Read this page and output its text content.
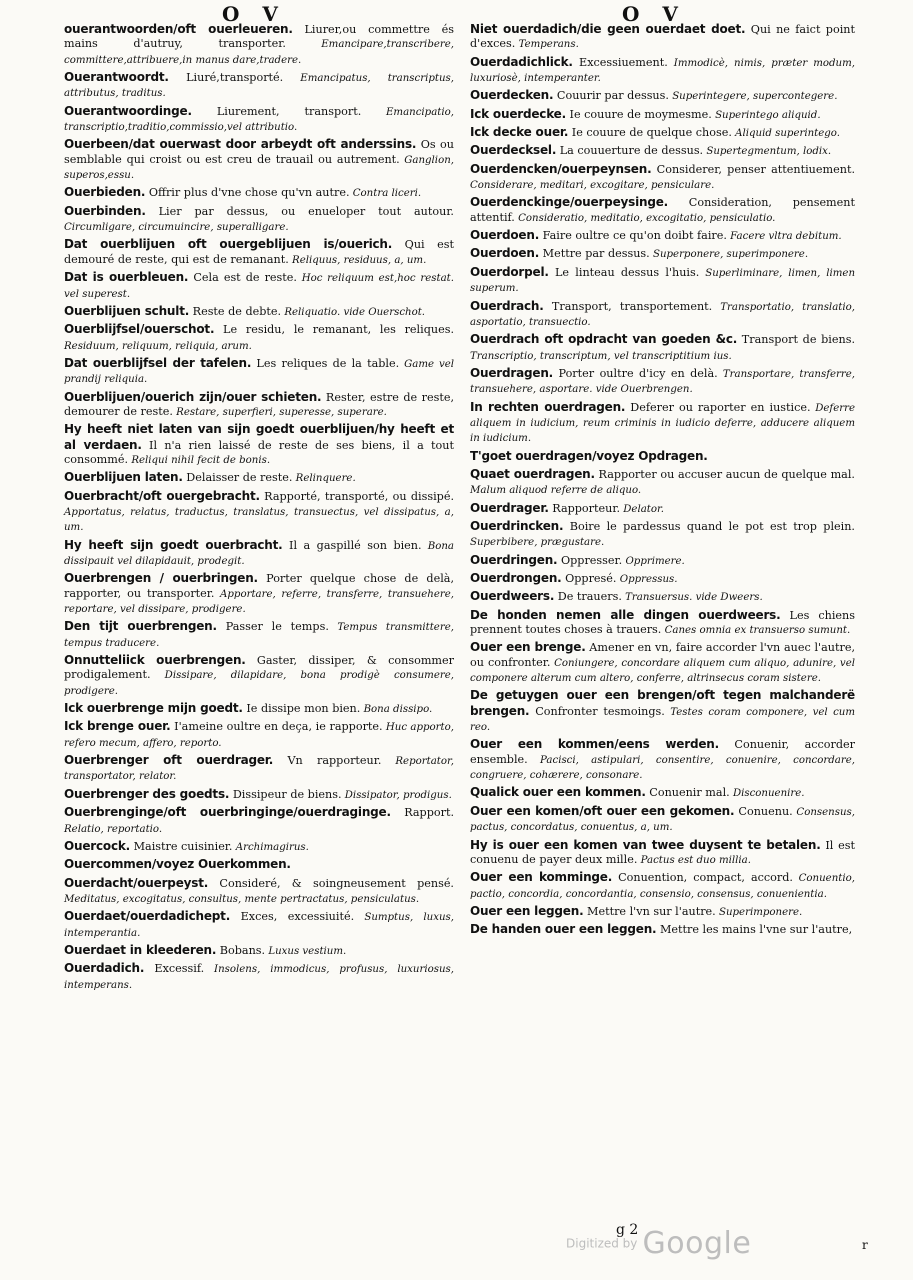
O V	O V

ouerantwoorden/oft ouerleueren. Liurer,ou commettre és mains d'autruy, transporter. Emancipare,transcribere, committere,attribuere,in manus dare,tradere.

Ouerantwoordt. Liuré,transporté. Emancipatus, transcriptus, attributus, traditus.

Ouerantwoordinge. Liurement, transport. Emancipatio, transcriptio,traditio,commissio,vel attributio.

Ouerbeen/dat ouerwast door arbeydt oft anderssins. Os ou semblable qui croist ou est creu de trauail ou autrement. Ganglion, superos,essu.

Ouerbieden. Offrir plus d'vne chose qu'vn autre. Contra liceri.

Ouerbinden. Lier par dessus, ou enueloper tout autour. Circumligare, circumuincire, superalligare.

Dat ouerblijuen oft ouergeblijuen is/ouerich. Qui est demouré de reste, qui est de remanant. Reliquus, residuus, a, um.

Dat is ouerbleuen. Cela est de reste. Hoc reliquum est,hoc restat. vel superest.

Ouerblijuen schult. Reste de debte. Reliquatio. vide Ouerschot.

Ouerblijfsel/ouerschot. Le residu, le remanant, les reliques. Residuum, reliquum, reliquia, arum.

Dat ouerblijfsel der tafelen. Les reliques de la table. Game vel prandij reliquia.

Ouerblijuen/ouerich zijn/ouer schieten. Rester, estre de reste, demourer de reste. Restare, superfieri, superesse, superare.

Hy heeft niet laten van sijn goedt ouerblijuen/hy heeft et al verdaen. Il n'a rien laissé de reste de ses biens, il a tout consommé. Reliqui nihil fecit de bonis.

Ouerblijuen laten. Delaisser de reste. Relinquere.

Ouerbracht/oft ouergebracht. Rapporté, transporté, ou dissipé. Apportatus, relatus, traductus, translatus, transuectus, vel dissipatus, a, um.

Hy heeft sijn goedt ouerbracht. Il a gaspillé son bien. Bona dissipauit vel dilapidauit, prodegit.

Ouerbrengen / ouerbringen. Porter quelque chose de delà, rapporter, ou transporter. Apportare, referre, transferre, transuehere, reportare, vel dissipare, prodigere.

Den tijt ouerbrengen. Passer le temps. Tempus transmittere, tempus traducere.

Onnutteliick ouerbrengen. Gaster, dissiper, & consommer prodigalement. Dissipare, dilapidare, bona prodigè consumere, prodigere.

Ick ouerbrenge mijn goedt. Ie dissipe mon bien. Bona dissipo.

Ick brenge ouer. I'ameine oultre en deça, ie rapporte. Huc apporto, refero mecum, affero, reporto.

Ouerbrenger oft ouerdrager. Vn rapporteur. Reportator, transportator, relator.

Ouerbrenger des goedts. Dissipeur de biens. Dissipator, prodigus.

Ouerbrenginge/oft ouerbringinge/ouerdraginge. Rapport. Relatio, reportatio.

Ouercock. Maistre cuisinier. Archimagirus.

Ouercommen/voyez Ouerkommen.

Ouerdacht/ouerpeyst. Consideré, & soingneusement pensé. Meditatus, excogitatus, consultus, mente pertractatus, pensiculatus.

Ouerdaet/ouerdadichept. Exces, excessiuité. Sumptus, luxus, intemperantia.

Ouerdaet in kleederen. Bobans. Luxus vestium.

Ouerdadich. Excessif. Insolens, immodicus, profusus, luxuriosus, intemperans.

Niet ouerdadich/die geen ouerdaet doet. Qui ne faict point d'exces. Temperans.

Ouerdadichlick. Excessiuement. Immodicè, nimis, præter modum, luxuriosè, intemperanter.

Ouerdecken. Couurir par dessus. Superintegere, supercontegere.

Ick ouerdecke. Ie couure de moymesme. Superintego aliquid.

Ick decke ouer. Ie couure de quelque chose. Aliquid superintego.

Ouerdecksel. La couuerture de dessus. Supertegmentum, lodix.

Ouerdencken/ouerpeynsen. Considerer, penser attentiuement. Considerare, meditari, excogitare, pensiculare.

Ouerdenckinge/ouerpeysinge. Consideration, pensement attentif. Consideratio, meditatio, excogitatio, pensiculatio.

Ouerdoen. Faire oultre ce qu'on doibt faire. Facere vltra debitum.

Ouerdoen. Mettre par dessus. Superponere, superimponere.

Ouerdorpel. Le linteau dessus l'huis. Superliminare, limen, limen superum.

Ouerdrach. Transport, transportement. Transportatio, translatio, asportatio, transuectio.

Ouerdrach oft opdracht van goeden &c. Transport de biens. Transcriptio, transcriptum, vel transcriptitium ius.

Ouerdragen. Porter oultre d'icy en delà. Transportare, transferre, transuehere, asportare. vide Ouerbrengen.

In rechten ouerdragen. Deferer ou raporter en iustice. Deferre aliquem in iudicium, reum criminis in iudicio deferre, adducere aliquem in iudicium.

T'goet ouerdragen/voyez Opdragen.

Quaet ouerdragen. Rapporter ou accuser aucun de quelque mal. Malum aliquod referre de aliquo.

Ouerdrager. Rapporteur. Delator.

Ouerdrincken. Boire le pardessus quand le pot est trop plein. Superbibere, prægustare.

Ouerdringen. Oppresser. Opprimere.

Ouerdrongen. Oppresé. Oppressus.

Ouerdweers. De trauers. Transuersus. vide Dweers.

De honden nemen alle dingen ouerdweers. Les chiens prennent toutes choses à trauers. Canes omnia ex transuerso sumunt.

Ouer een brenge. Amener en vn, faire accorder l'vn auec l'autre, ou confronter. Coniungere, concordare aliquem cum aliquo, adunire, vel componere alterum cum altero, conferre, altrinsecus coram sistere.

De getuygen ouer een brengen/oft tegen malchanderë brengen. Confronter tesmoings. Testes coram componere, vel cum reo.

Ouer een kommen/eens werden. Conuenir, accorder ensemble. Pacisci, astipulari, consentire, conuenire, concordare, congruere, cohærere, consonare.

Qualick ouer een kommen. Conuenir mal. Disconuenire.

Ouer een komen/oft ouer een gekomen. Conuenu. Consensus, pactus, concordatus, conuentus, a, um.

Hy is ouer een komen van twee duysent te betalen. Il est conuenu de payer deux mille. Pactus est duo millia.

Ouer een komminge. Conuention, compact, accord. Conuentio, pactio, concordia, concordantia, consensio, consensus, conuenientia.

Ouer een leggen. Mettre l'vn sur l'autre. Superimponere.

De handen ouer een leggen. Mettre les mains l'vne sur l'autre,

g 2
Digitized by Google	r
